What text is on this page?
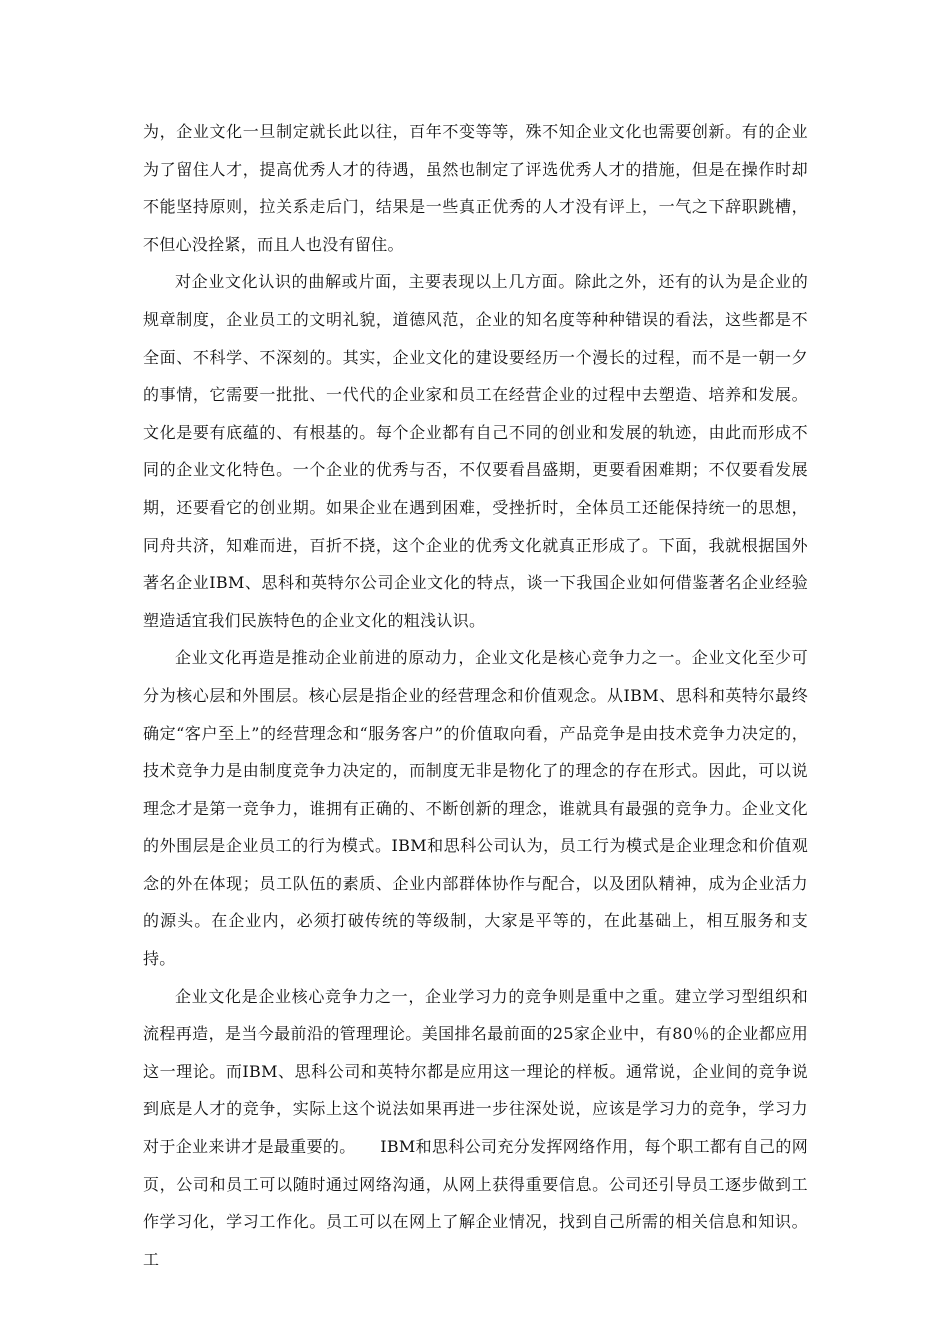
为，企业文化一旦制定就长此以往，百年不变等等，殊不知企业文化也需要创新。有的企业为了留住人才，提高优秀人才的待遇，虽然也制定了评选优秀人才的措施，但是在操作时却不能坚持原则，拉关系走后门，结果是一些真正优秀的人才没有评上，一气之下辞职跳槽，不但心没拴紧，而且人也没有留住。

对企业文化认识的曲解或片面，主要表现以上几方面。除此之外，还有的认为是企业的规章制度，企业员工的文明礼貌，道德风范，企业的知名度等种种错误的看法，这些都是不全面、不科学、不深刻的。其实，企业文化的建设要经历一个漫长的过程，而不是一朝一夕的事情，它需要一批批、一代代的企业家和员工在经营企业的过程中去塑造、培养和发展。文化是要有底蕴的、有根基的。每个企业都有自己不同的创业和发展的轨迹，由此而形成不同的企业文化特色。一个企业的优秀与否，不仅要看昌盛期，更要看困难期；不仅要看发展期，还要看它的创业期。如果企业在遇到困难，受挫折时，全体员工还能保持统一的思想，同舟共济，知难而进，百折不挠，这个企业的优秀文化就真正形成了。下面，我就根据国外著名企业IBM、思科和英特尔公司企业文化的特点，谈一下我国企业如何借鉴著名企业经验塑造适宜我们民族特色的企业文化的粗浅认识。

企业文化再造是推动企业前进的原动力，企业文化是核心竞争力之一。企业文化至少可分为核心层和外围层。核心层是指企业的经营理念和价值观念。从IBM、思科和英特尔最终确定“客户至上”的经营理念和“服务客户”的价值取向看，产品竞争是由技术竞争力决定的，技术竞争力是由制度竞争力决定的，而制度无非是物化了的理念的存在形式。因此，可以说理念才是第一竞争力，谁拥有正确的、不断创新的理念，谁就具有最强的竞争力。企业文化的外围层是企业员工的行为模式。IBM和思科公司认为，员工行为模式是企业理念和价值观念的外在体现；员工队伍的素质、企业内部群体协作与配合，以及团队精神，成为企业活力的源头。在企业内，必须打破传统的等级制，大家是平等的，在此基础上，相互服务和支持。

企业文化是企业核心竞争力之一，企业学习力的竞争则是重中之重。建立学习型组织和流程再造，是当今最前沿的管理理论。美国排名最前面的25家企业中，有80％的企业都应用这一理论。而IBM、思科公司和英特尔都是应用这一理论的样板。通常说，企业间的竞争说到底是人才的竞争，实际上这个说法如果再进一步往深处说，应该是学习力的竞争，学习力对于企业来讲才是最重要的。　　IBM和思科公司充分发挥网络作用，每个职工都有自己的网页，公司和员工可以随时通过网络沟通，从网上获得重要信息。公司还引导员工逐步做到工作学习化，学习工作化。员工可以在网上了解企业情况，找到自己所需的相关信息和知识。工
